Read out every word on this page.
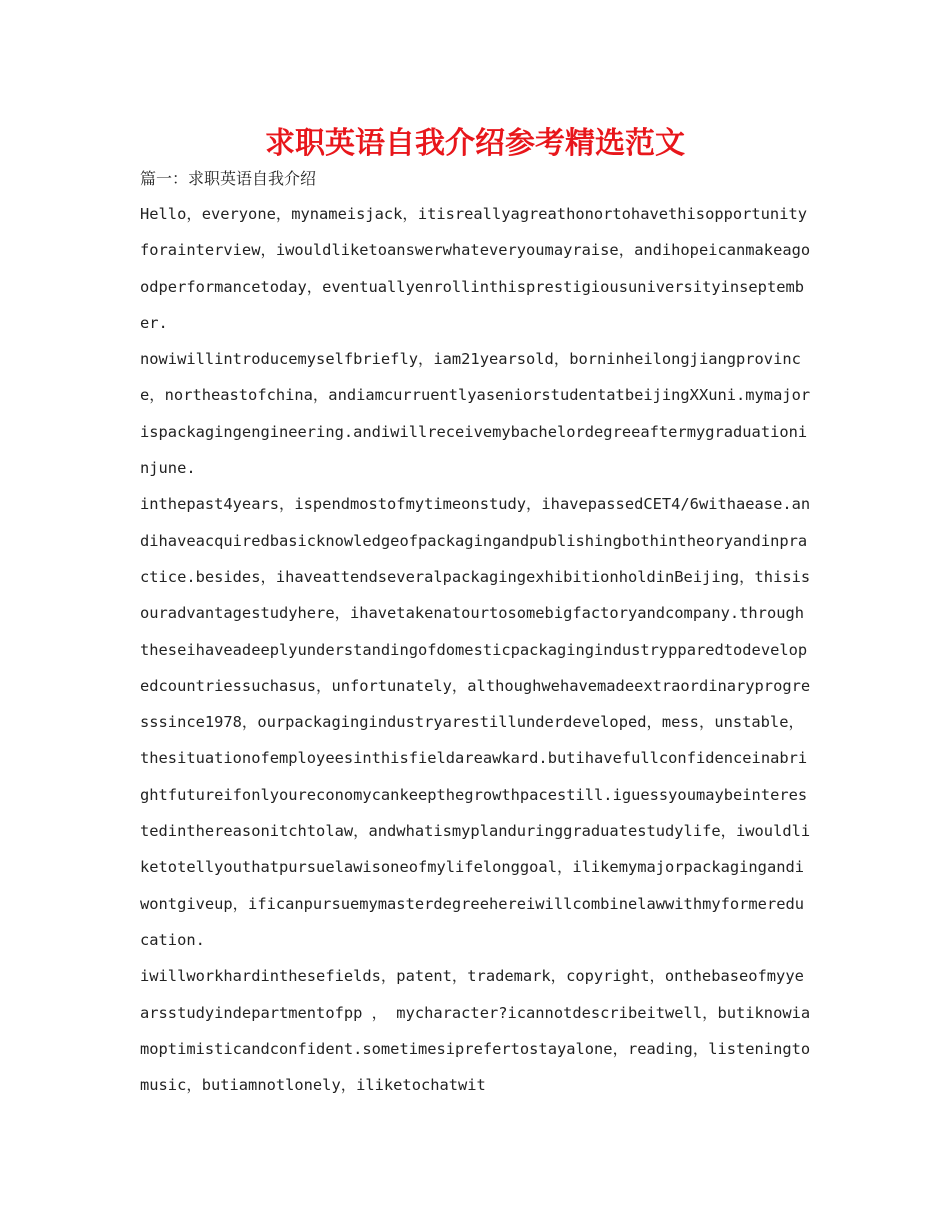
求职英语自我介绍参考精选范文

篇一：求职英语自我介绍

Hello，everyone，mynameisjack，itisreallyagreathonortohavethisopportunityforainterview，iwouldliketoanswerwhateveryoumayraise，andihopeicanmakeagoodperformancetoday，eventuallyenrollinthisprestigiousuniversityinseptember.

nowiwillintroducemyselfbriefly，iam21yearsold，borninheilongjiangprovince，northeastofchina，andiamcurruentlyaseniorstudentatbeijingXXuni.mymajorispackagingengineering.andiwillreceivemybachelordegreeaftermygraduationinjune.

inthepast4years，ispendmostofmytimeonstudy，ihavepassedCET4/6withaease.andihaveacquiredbasicknowledgeofpackagingandpublishingbothintheoryandinpractice.besides，ihaveattendseveralpackagingexhibitionholdinBeijing，thisisouradvantagestudyhere，ihavetakenatourtosomebigfactoryandcompany.throughtheseihaveadeeplyunderstandingofdomesticpackagingindustrypparedtodevelopedcountriessuchasus，unfortunately，althoughwehavemadeextraordinaryprogresssince1978，ourpackagingindustryarestillunderdeveloped，mess，unstable，thesituationofemployeesinthisfieldareawkard.butihavefullconfidenceinabrightfutureifonlyoureconomycankeepthegrowthpacestill.iguessyoumaybeinterestedinthereasonitchtolaw，andwhatismyplanduringgraduatestudylife，iwouldliketotellyouthatpursuelawisoneofmylifelonggoal，ilikemymajorpackagingandiwontgiveup，ificanpursuemymasterdegreehereiwillcombinelawwithmyformereducation.

iwillworkhardinthesefields，patent，trademark，copyright，onthebaseofmyyearsstudyindepartmentofpp ， mycharacter?icannotdescribeitwell，butiknowiamoptimisticandconfident.sometimesiprefertostayalone，reading，listeningtomusic，butiamnotlonely，iliketochatwit
